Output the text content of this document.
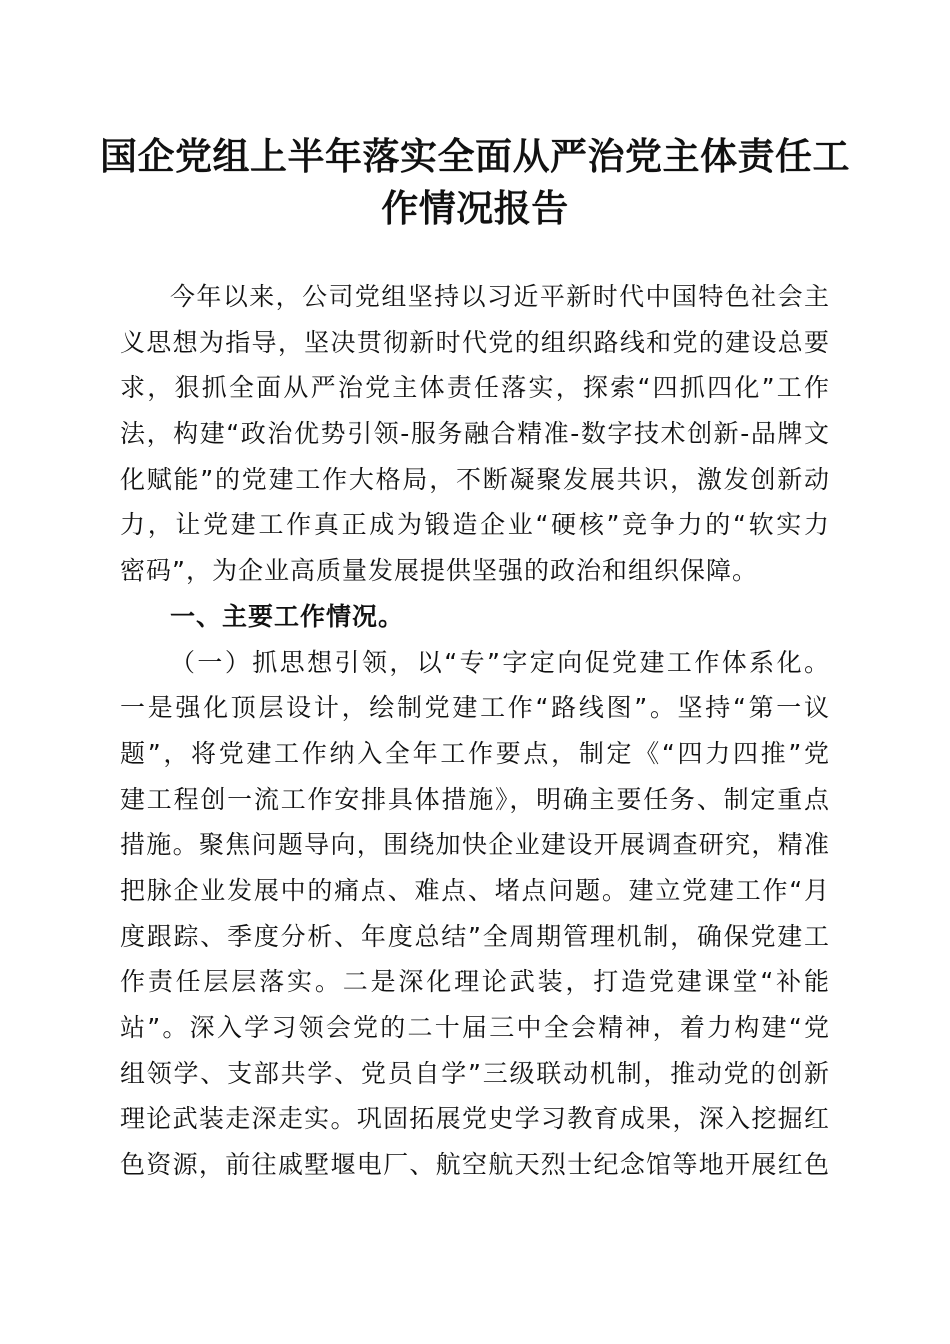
国企党组上半年落实全面从严治党主体责任工
作情况报告
今年以来，公司党组坚持以习近平新时代中国特色社会主
义思想为指导，坚决贯彻新时代党的组织路线和党的建设总要
求，狠抓全面从严治党主体责任落实，探索“四抓四化”工作
法，构建“政治优势引领-服务融合精准-数字技术创新-品牌文
化赋能”的党建工作大格局，不断凝聚发展共识，激发创新动
力，让党建工作真正成为锻造企业“硬核”竞争力的“软实力
密码”，为企业高质量发展提供坚强的政治和组织保障。
一、主要工作情况。
（一）抓思想引领，以“专”字定向促党建工作体系化。
一是强化顶层设计，绘制党建工作“路线图”。坚持“第一议
题”，将党建工作纳入全年工作要点，制定《“四力四推”党
建工程创一流工作安排具体措施》，明确主要任务、制定重点
措施。聚焦问题导向，围绕加快企业建设开展调查研究，精准
把脉企业发展中的痛点、难点、堵点问题。建立党建工作“月
度跟踪、季度分析、年度总结”全周期管理机制，确保党建工
作责任层层落实。二是深化理论武装，打造党建课堂“补能
站”。深入学习领会党的二十届三中全会精神，着力构建“党
组领学、支部共学、党员自学”三级联动机制，推动党的创新
理论武装走深走实。巩固拓展党史学习教育成果，深入挖掘红
色资源，前往戚墅堰电厂、航空航天烈士纪念馆等地开展红色
